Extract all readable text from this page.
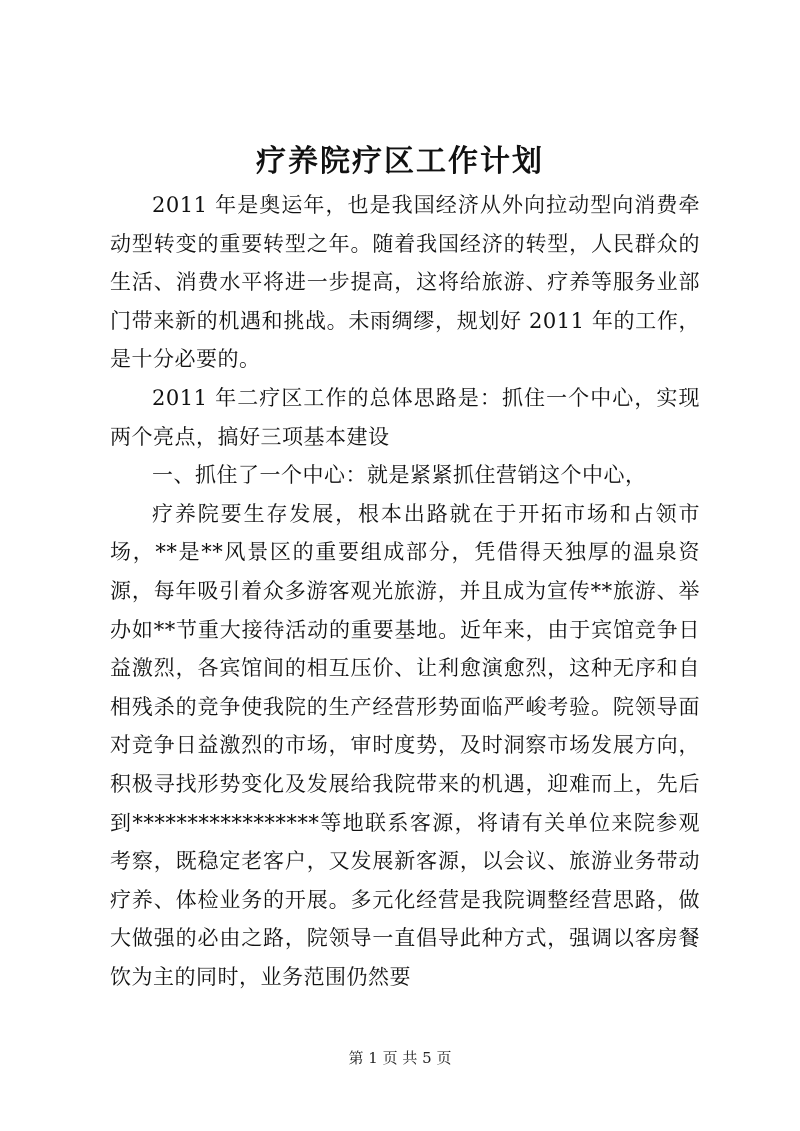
疗养院疗区工作计划

2011 年是奥运年，也是我国经济从外向拉动型向消费牵动型转变的重要转型之年。随着我国经济的转型，人民群众的生活、消费水平将进一步提高，这将给旅游、疗养等服务业部门带来新的机遇和挑战。未雨绸缪，规划好 2011 年的工作，是十分必要的。

2011 年二疗区工作的总体思路是：抓住一个中心，实现两个亮点，搞好三项基本建设

一、抓住了一个中心：就是紧紧抓住营销这个中心，

疗养院要生存发展，根本出路就在于开拓市场和占领市场，**是**风景区的重要组成部分，凭借得天独厚的温泉资源，每年吸引着众多游客观光旅游，并且成为宣传**旅游、举办如**节重大接待活动的重要基地。近年来，由于宾馆竞争日益激烈，各宾馆间的相互压价、让利愈演愈烈，这种无序和自相残杀的竞争使我院的生产经营形势面临严峻考验。院领导面对竞争日益激烈的市场，审时度势，及时洞察市场发展方向，积极寻找形势变化及发展给我院带来的机遇，迎难而上，先后到*****************等地联系客源，将请有关单位来院参观考察，既稳定老客户，又发展新客源，以会议、旅游业务带动疗养、体检业务的开展。多元化经营是我院调整经营思路，做大做强的必由之路，院领导一直倡导此种方式，强调以客房餐饮为主的同时，业务范围仍然要

第 1 页 共 5 页
